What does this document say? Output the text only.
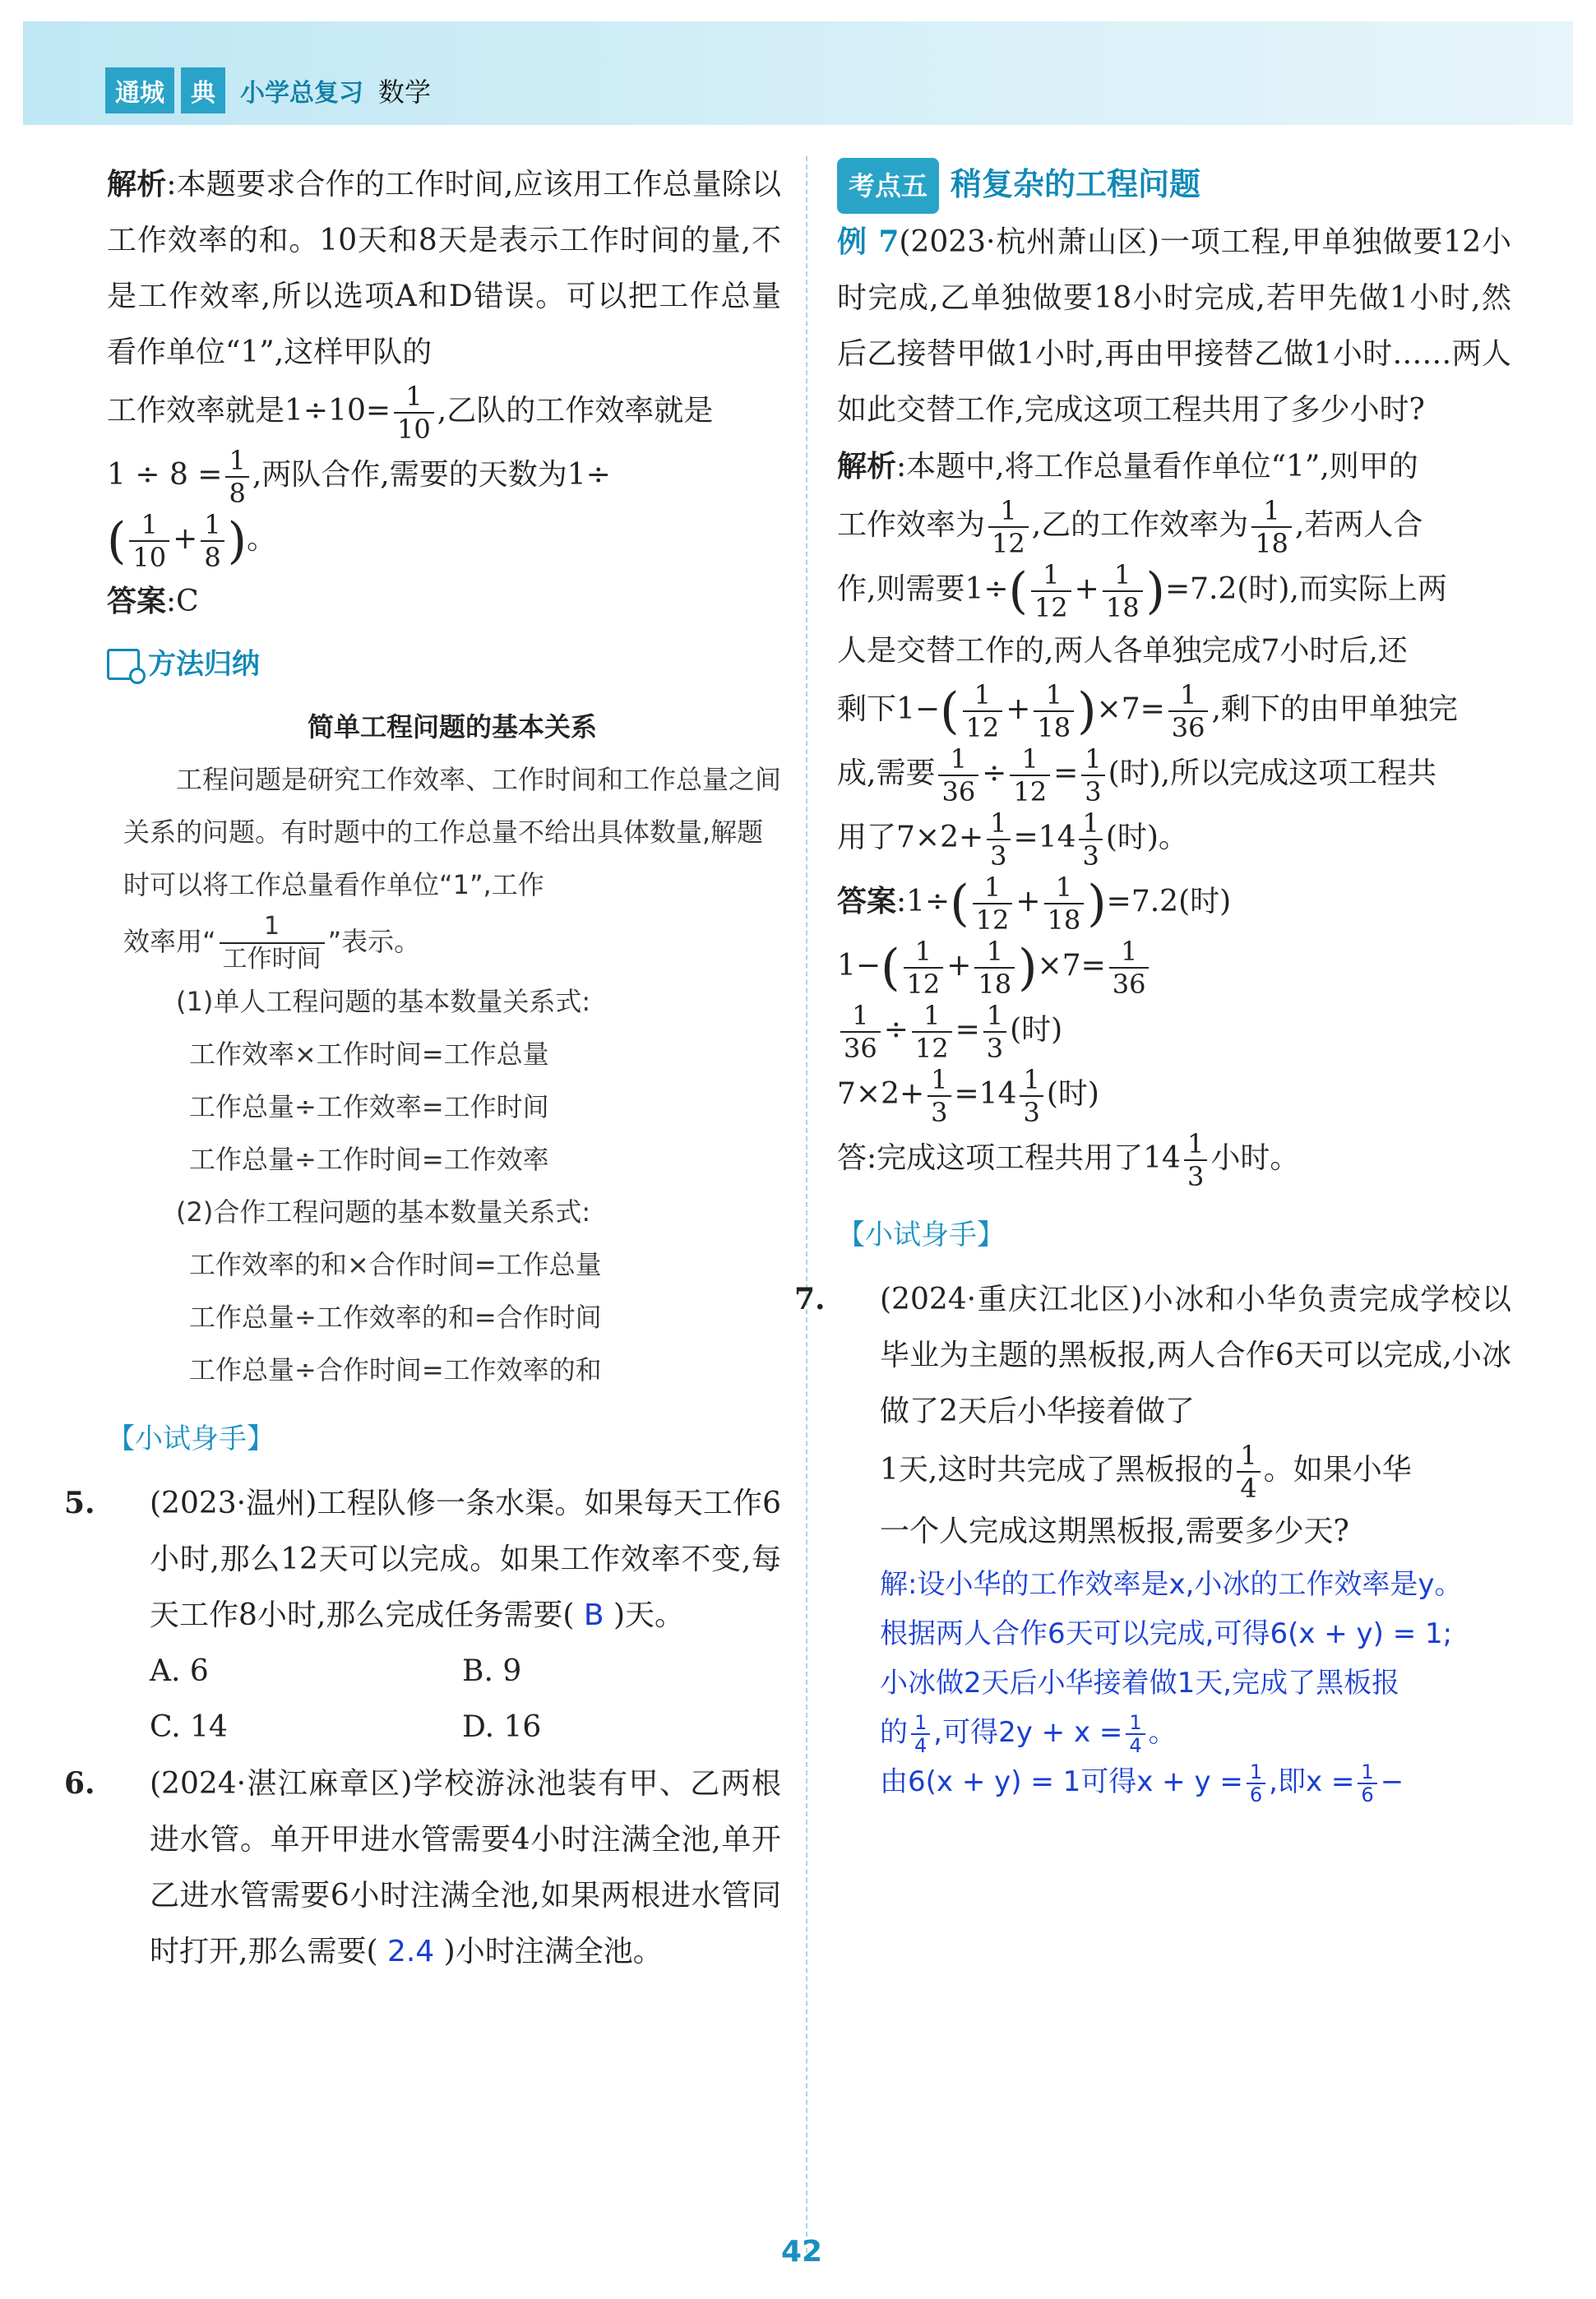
通城	典	小学总复习 数学

解析:本题要求合作的工作时间,应该用工作总量除以工作效率的和。10天和8天是表示工作时间的量,不是工作效率,所以选项A和D错误。可以把工作总量看作单位“1”,这样甲队的

工作效率就是$1\div 10= \frac{1}{10}$ ,乙队的工作效率就是

$1 \div 8 = \frac{1}{8}$ ,两队合作,需要的天数为1÷

( $\frac{1}{10} + \frac{1}{8}$ )。

答案:C

方法归纳
简单工程问题的基本关系
工程问题是研究工作效率、工作时间和工作总量之间关系的问题。有时题中的工作总量不给出具体数量,解题时可以将工作总量看作单位“1”,工作
效率用“ $\frac{1}{\text{工作时间}}$ ”表示。
(1)单人工程问题的基本数量关系式:
工作效率×工作时间=工作总量
工作总量÷工作效率=工作时间
工作总量÷工作时间=工作效率
(2)合作工程问题的基本数量关系式:
工作效率的和×合作时间=工作总量
工作总量÷工作效率的和=合作时间
工作总量÷合作时间=工作效率的和
【小试身手】

5. (2023·温州)工程队修一条水渠。如果每天工作6小时,那么12天可以完成。如果工作效率不变,每天工作8小时,那么完成任务需要( B )天。

A. 6	B. 9
C. 14	D. 16

6. (2024·湛江麻章区)学校游泳池装有甲、乙两根进水管。单开甲进水管需要4小时注满全池,单开乙进水管需要6小时注满全池,如果两根进水管同时打开,那么需要( 2.4 )小时注满全池。

考点五 稍复杂的工程问题

例 7(2023·杭州萧山区)一项工程,甲单独做要12小时完成,乙单独做要18小时完成,若甲先做1小时,然后乙接替甲做1小时,再由甲接替乙做1小时……两人如此交替工作,完成这项工程共用了多少小时?

解析:本题中,将工作总量看作单位“1”,则甲的

工作效率为 $\frac{1}{12}$ ,乙的工作效率为 $\frac{1}{18}$ ,若两人合

作,则需要$1\div( \frac{1}{12} + \frac{1}{18} )=7.2$(时),而实际上两

人是交替工作的,两人各单独完成7小时后,还

剩下$1-( \frac{1}{12} + \frac{1}{18} )\times 7= \frac{1}{36}$ ,剩下的由甲单独完

成,需要 $\frac{1}{36} \div \frac{1}{12} = \frac{1}{3}$ (时),所以完成这项工程共

用了$7\times 2+ \frac{1}{3} =14 \frac{1}{3}$ (时)。

答案:1÷( $\frac{1}{12} + \frac{1}{18} )=7.2$(时)

$1-( \frac{1}{12} + \frac{1}{18} )\times 7= \frac{1}{36}$

$\frac{1}{36} \div \frac{1}{12} = \frac{1}{3}$ (时)

$7\times 2+ \frac{1}{3} =14 \frac{1}{3}$ (时)

答:完成这项工程共用了$14 \frac{1}{3}$ 小时。

【小试身手】

7. (2024·重庆江北区)小冰和小华负责完成学校以毕业为主题的黑板报,两人合作6天可以完成,小冰做了2天后小华接着做了

1天,这时共完成了黑板报的 $\frac{1}{4}$ 。如果小华

一个人完成这期黑板报,需要多少天?

解:设小华的工作效率是x,小冰的工作效率是y。
根据两人合作6天可以完成,可得6(x + y) = 1;
小冰做2天后小华接着做1天,完成了黑板报
的 $\frac{1}{4}$ ,可得$2y + x = \frac{1}{4}$ 。
由6(x + y) = 1可得$x + y = \frac{1}{6}$ ,即$x = \frac{1}{6}$ −
42
